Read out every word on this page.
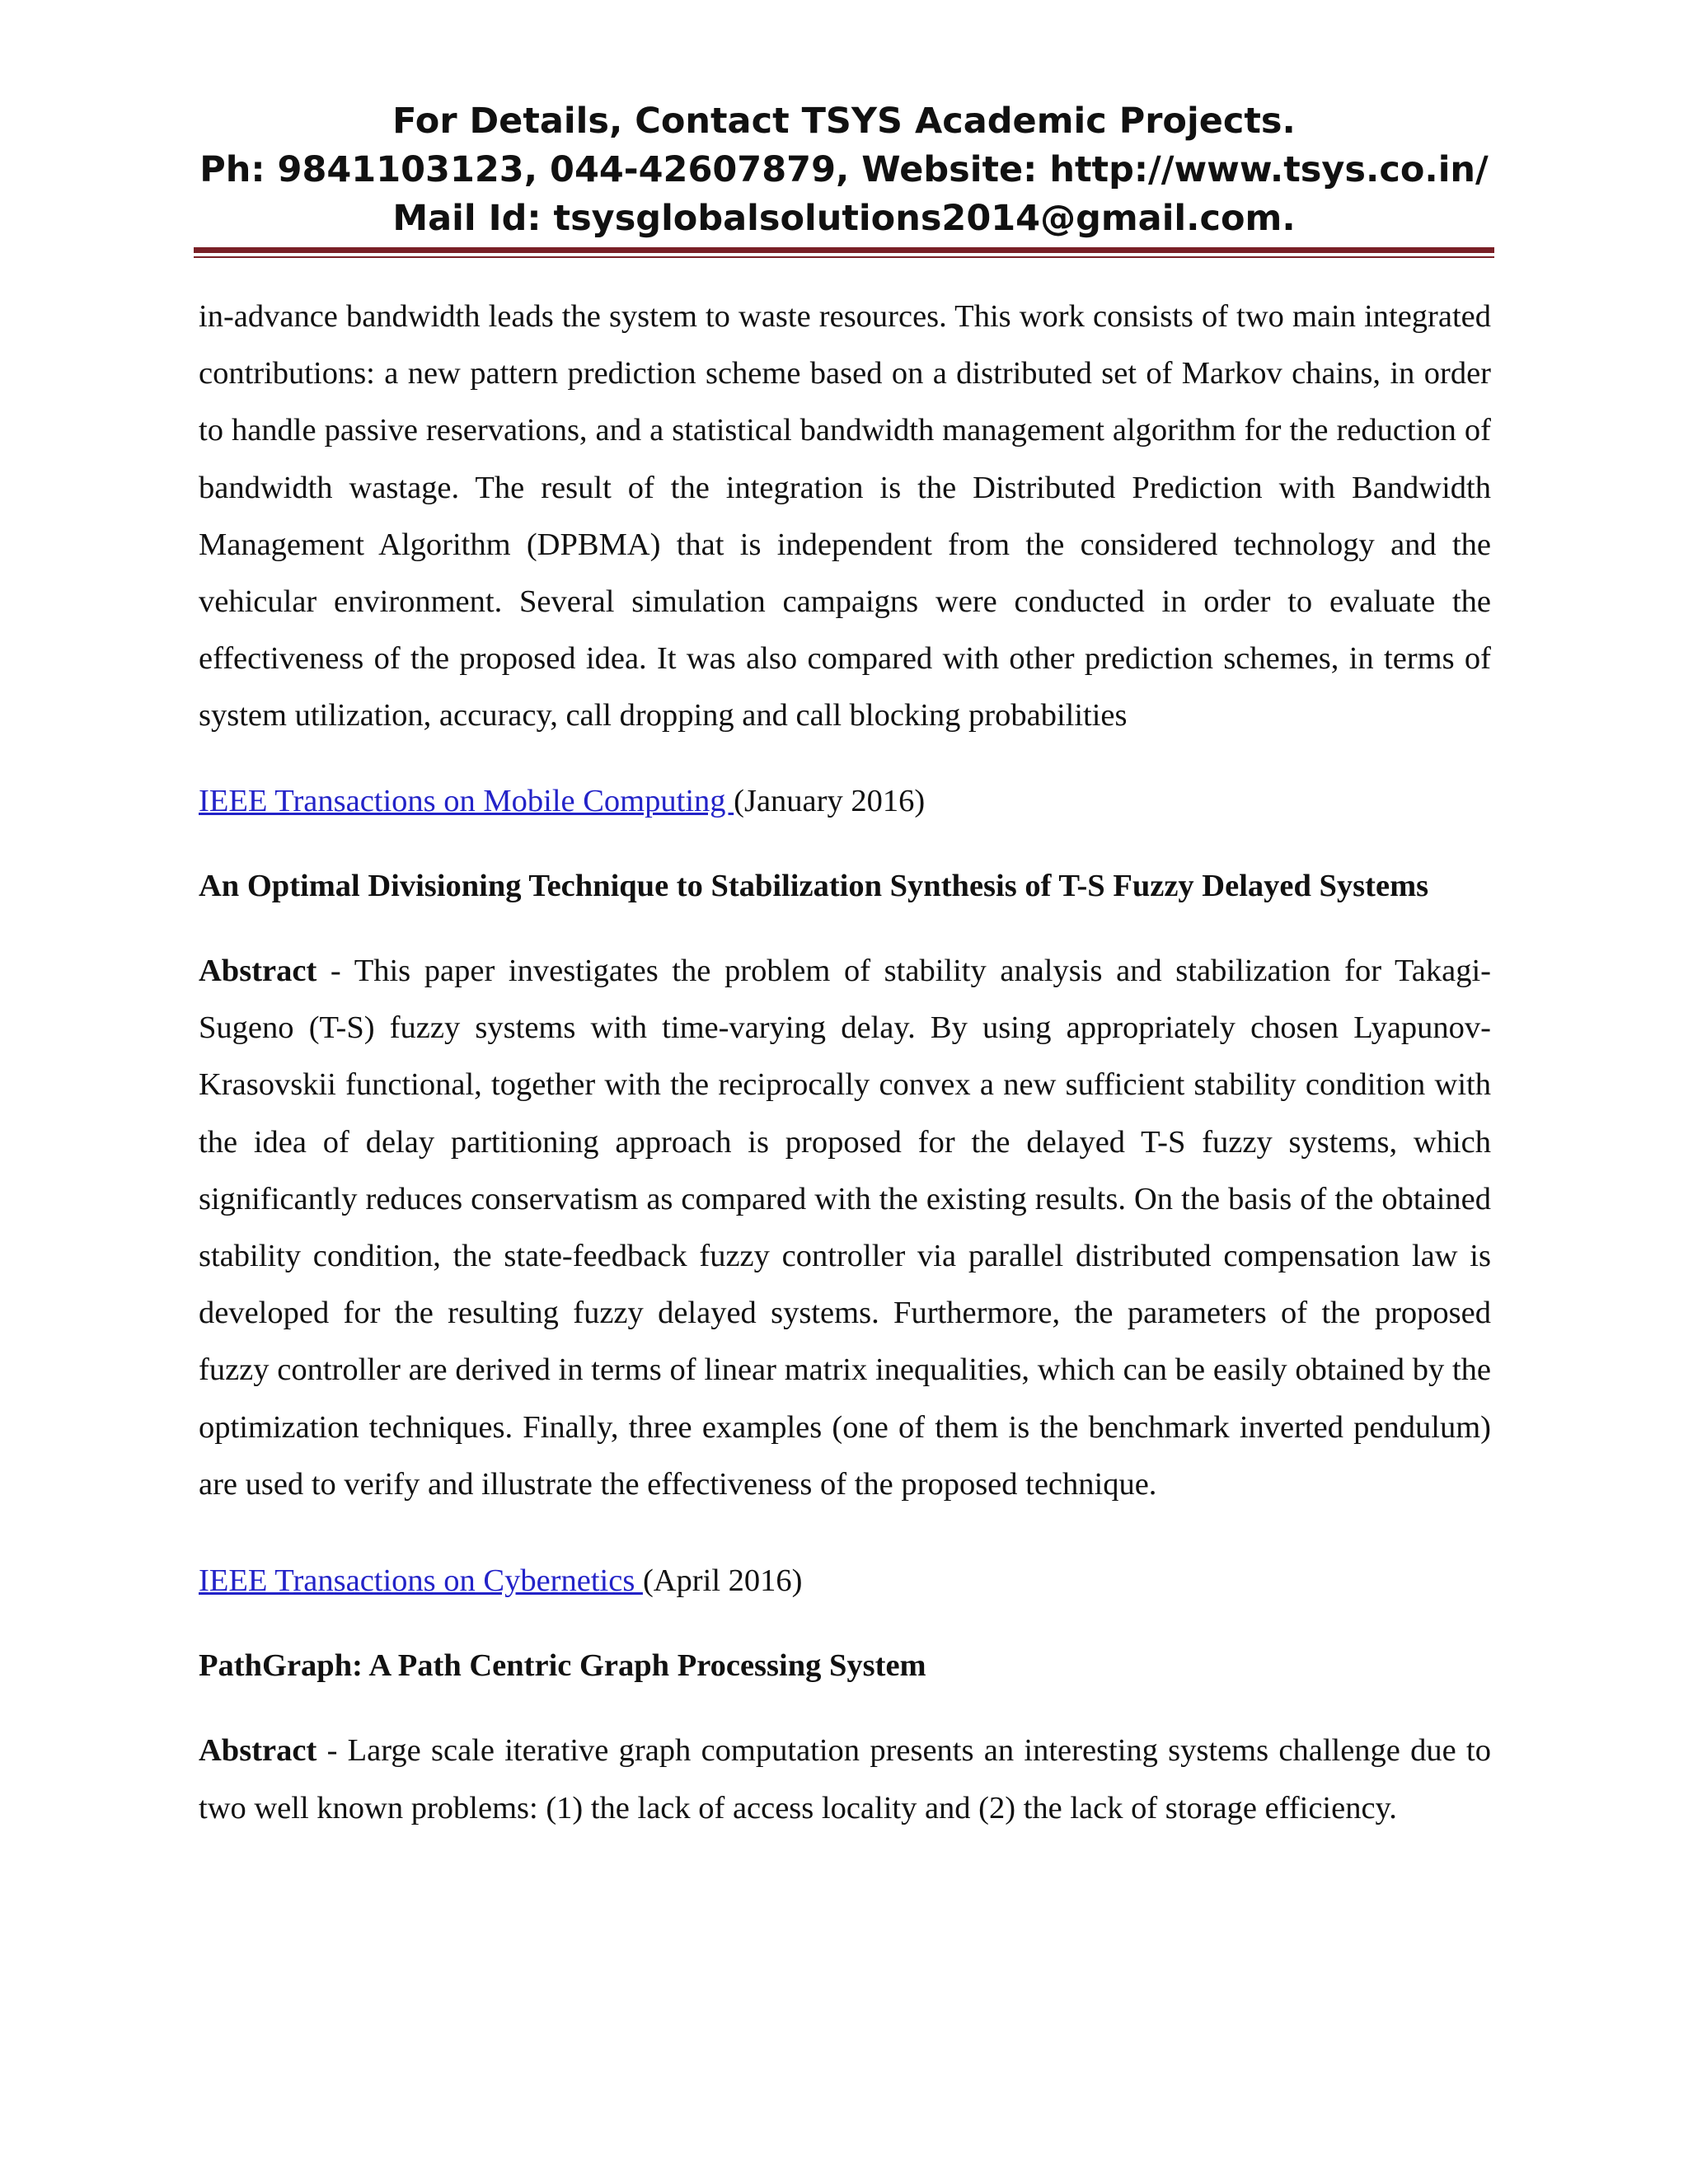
For Details, Contact TSYS Academic Projects.
Ph: 9841103123, 044-42607879, Website: http://www.tsys.co.in/
Mail Id: tsysglobalsolutions2014@gmail.com.

in-advance bandwidth leads the system to waste resources. This work consists of two main integrated contributions: a new pattern prediction scheme based on a distributed set of Markov chains, in order to handle passive reservations, and a statistical bandwidth management algorithm for the reduction of bandwidth wastage. The result of the integration is the Distributed Prediction with Bandwidth Management Algorithm (DPBMA) that is independent from the considered technology and the vehicular environment. Several simulation campaigns were conducted in order to evaluate the effectiveness of the proposed idea. It was also compared with other prediction schemes, in terms of system utilization, accuracy, call dropping and call blocking probabilities

IEEE Transactions on Mobile Computing (January 2016)

An Optimal Divisioning Technique to Stabilization Synthesis of T-S Fuzzy Delayed Systems

Abstract - This paper investigates the problem of stability analysis and stabilization for Takagi-Sugeno (T-S) fuzzy systems with time-varying delay. By using appropriately chosen Lyapunov-Krasovskii functional, together with the reciprocally convex a new sufficient stability condition with the idea of delay partitioning approach is proposed for the delayed T-S fuzzy systems, which significantly reduces conservatism as compared with the existing results. On the basis of the obtained stability condition, the state-feedback fuzzy controller via parallel distributed compensation law is developed for the resulting fuzzy delayed systems. Furthermore, the parameters of the proposed fuzzy controller are derived in terms of linear matrix inequalities, which can be easily obtained by the optimization techniques. Finally, three examples (one of them is the benchmark inverted pendulum) are used to verify and illustrate the effectiveness of the proposed technique.

IEEE Transactions on Cybernetics (April 2016)

PathGraph: A Path Centric Graph Processing System

Abstract - Large scale iterative graph computation presents an interesting systems challenge due to two well known problems: (1) the lack of access locality and (2) the lack of storage efficiency.
